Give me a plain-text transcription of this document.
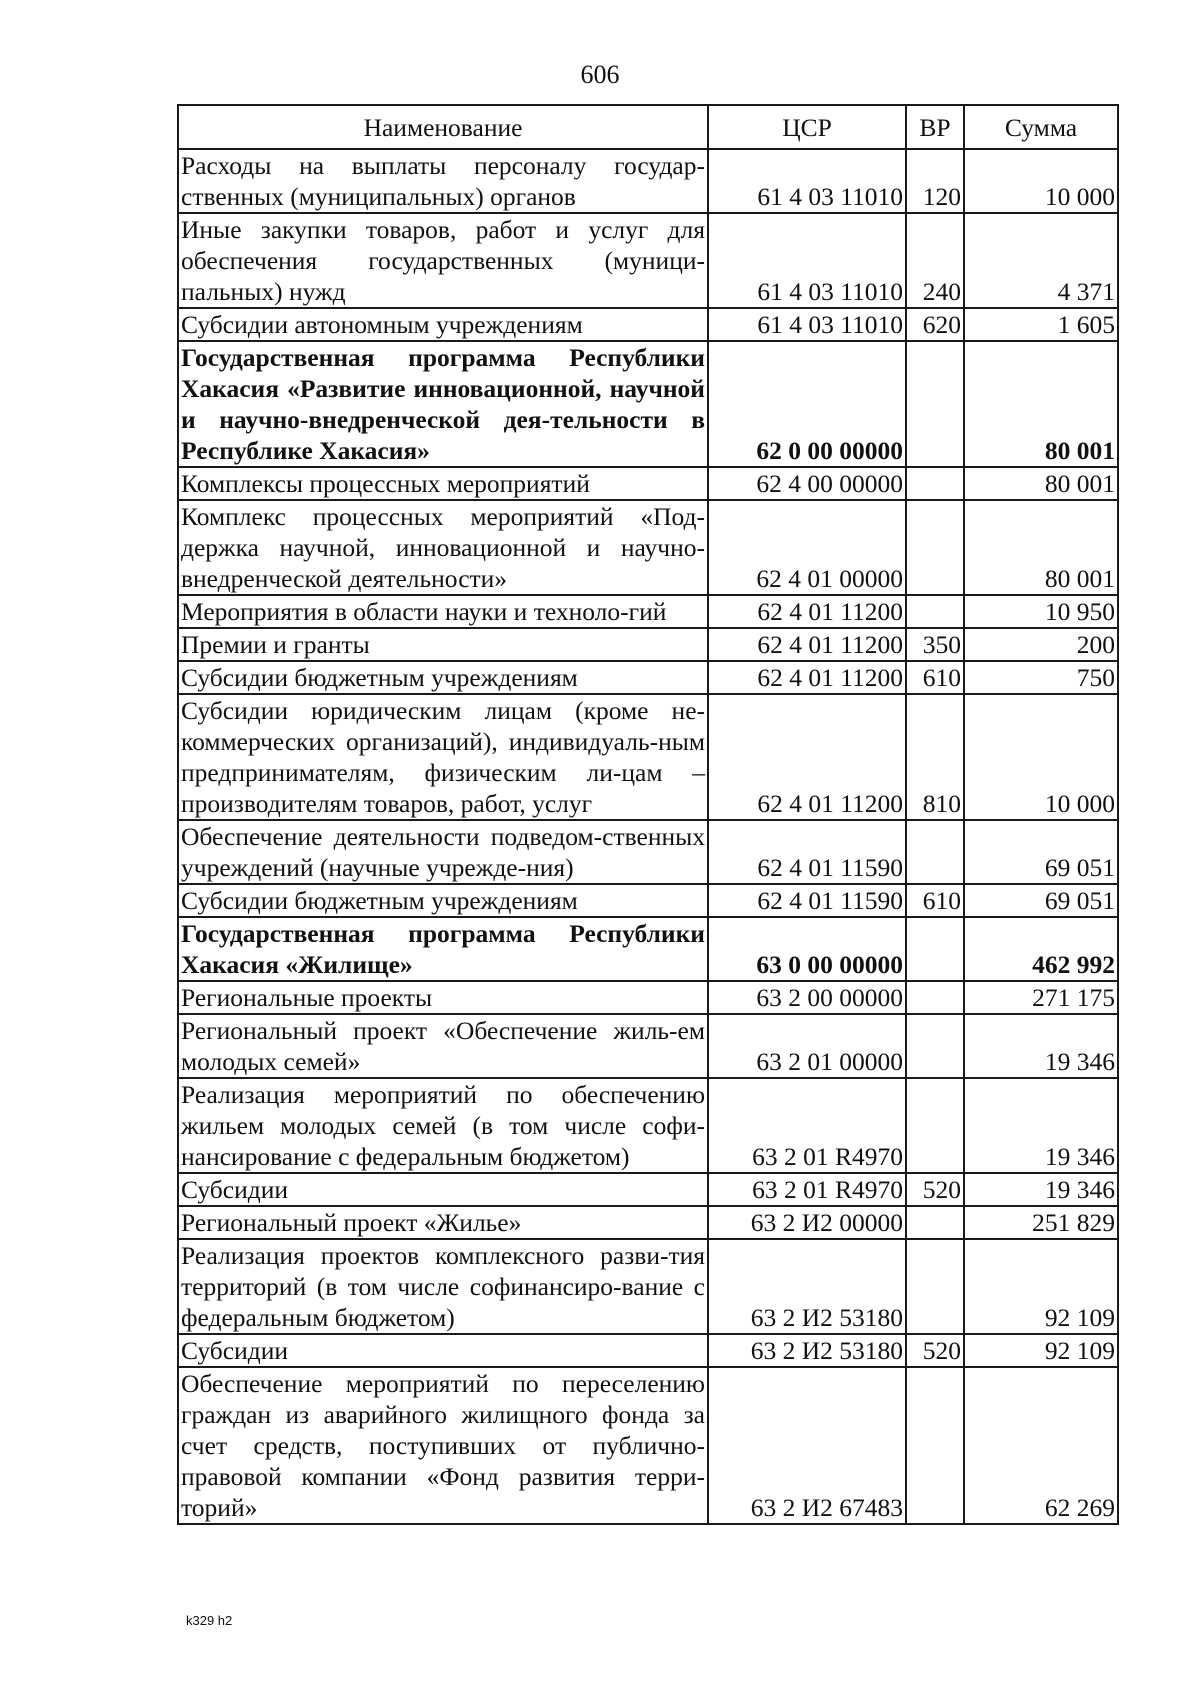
606
Наименование	ЦСР	ВР	Сумма
Расходы на выплаты персоналу государ-ственных (муниципальных) органов	61 4 03 11010	120	10 000
Иные закупки товаров, работ и услуг для обеспечения государственных (муници-пальных) нужд	61 4 03 11010	240	4 371
Субсидии автономным учреждениям	61 4 03 11010	620	1 605
Государственная программа Республики Хакасия «Развитие инновационной, научной и научно-внедренческой дея-тельности в Республике Хакасия»	62 0 00 00000		80 001
Комплексы процессных мероприятий	62 4 00 00000		80 001
Комплекс процессных мероприятий «Под-держка научной, инновационной и научно-внедренческой деятельности»	62 4 01 00000		80 001
Мероприятия в области науки и техноло-гий	62 4 01 11200		10 950
Премии и гранты	62 4 01 11200	350	200
Субсидии бюджетным учреждениям	62 4 01 11200	610	750
Субсидии юридическим лицам (кроме не-коммерческих организаций), индивидуаль-ным предпринимателям, физическим ли-цам – производителям товаров, работ, услуг	62 4 01 11200	810	10 000
Обеспечение деятельности подведом-ственных учреждений (научные учрежде-ния)	62 4 01 11590		69 051
Субсидии бюджетным учреждениям	62 4 01 11590	610	69 051
Государственная программа Республики Хакасия «Жилище»	63 0 00 00000		462 992
Региональные проекты	63 2 00 00000		271 175
Региональный проект «Обеспечение жиль-ем молодых семей»	63 2 01 00000		19 346
Реализация мероприятий по обеспечению жильем молодых семей (в том числе софи-нансирование с федеральным бюджетом)	63 2 01 R4970		19 346
Субсидии	63 2 01 R4970	520	19 346
Региональный проект «Жилье»	63 2 И2 00000		251 829
Реализация проектов комплексного разви-тия территорий (в том числе софинансиро-вание с федеральным бюджетом)	63 2 И2 53180		92 109
Субсидии	63 2 И2 53180	520	92 109
Обеспечение мероприятий по переселению граждан из аварийного жилищного фонда за счет средств, поступивших от публично-правовой компании «Фонд развития терри-торий»	63 2 И2 67483		62 269
k329 h2
